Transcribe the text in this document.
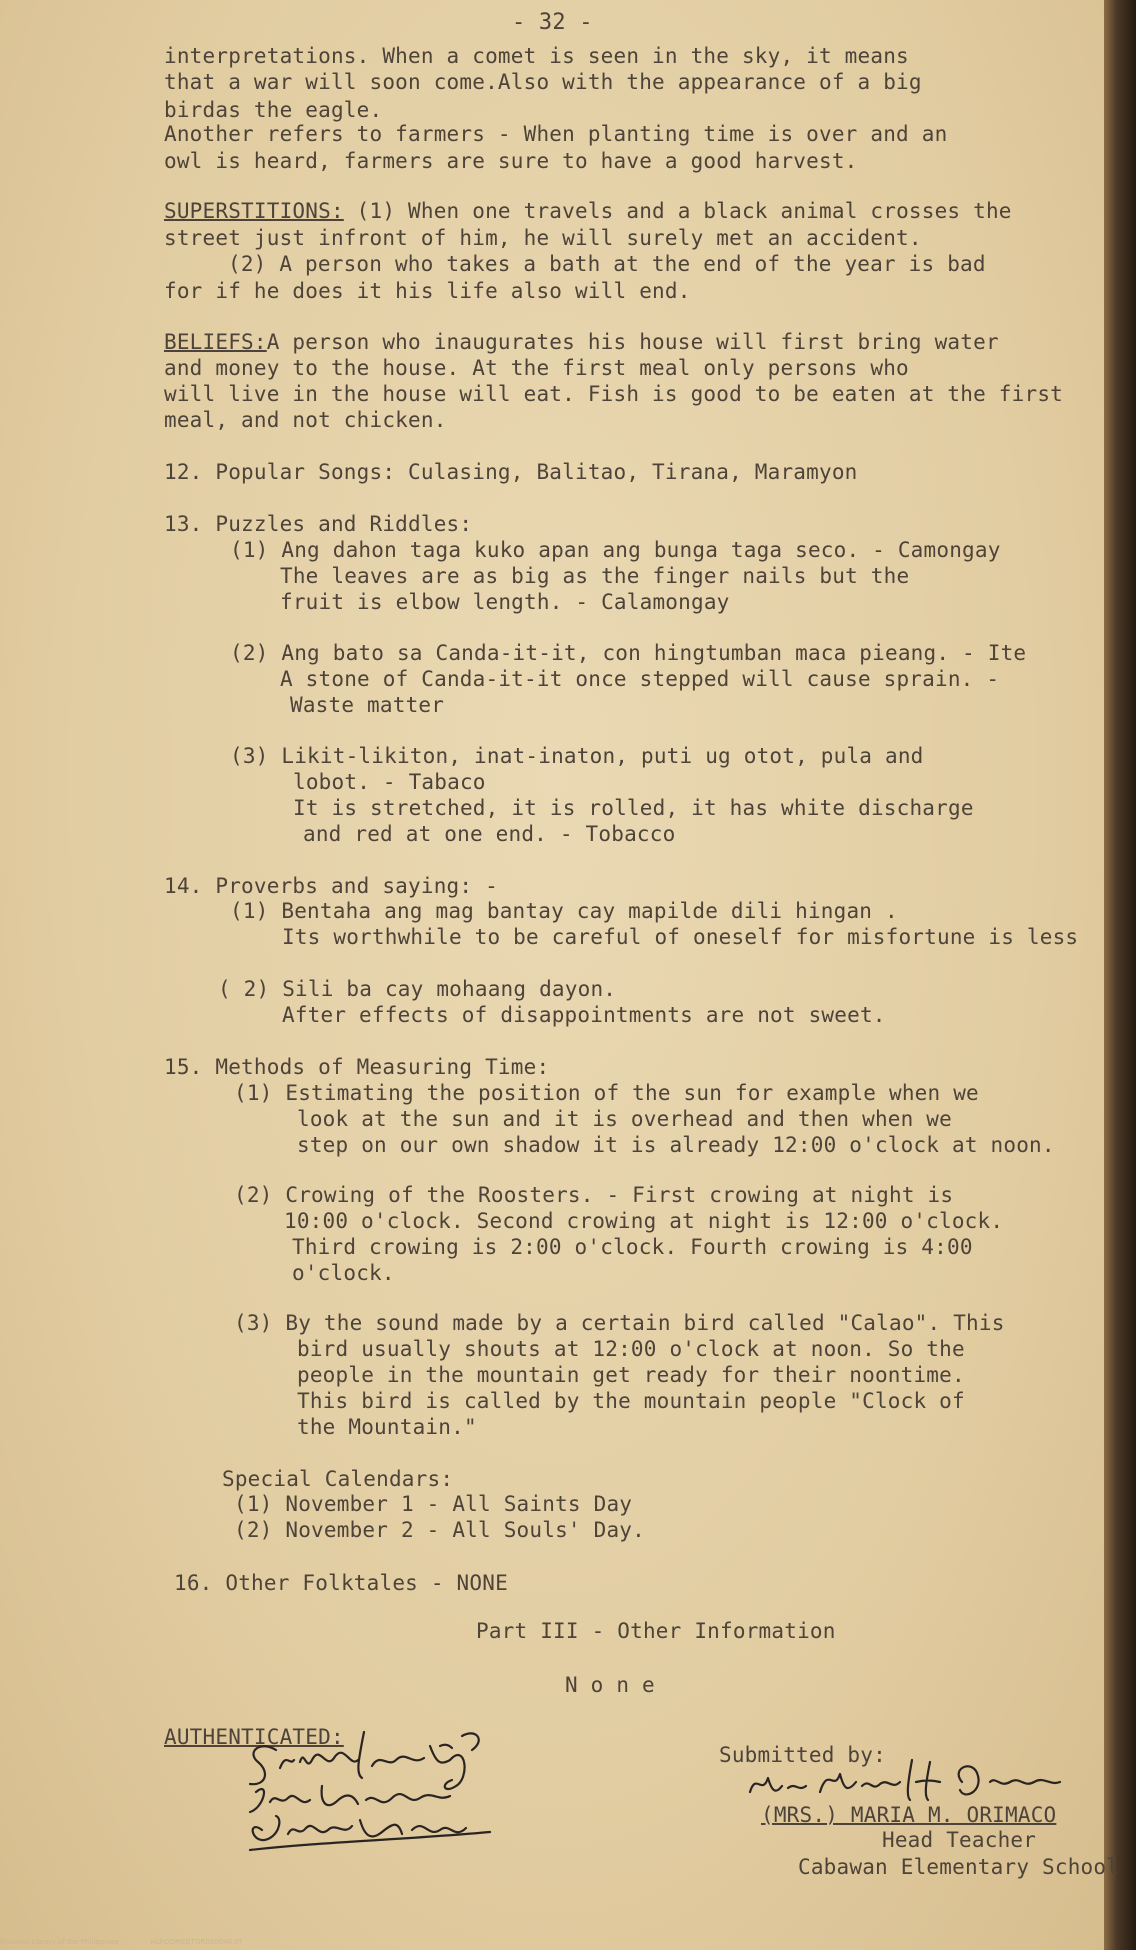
- 32 -
interpretations. When a comet is seen in the sky, it means
that a war will soon come.Also with the appearance of a big
birdas the eagle.
Another refers to farmers - When planting time is over and an
owl is heard, farmers are sure to have a good harvest.
SUPERSTITIONS: (1) When one travels and a black animal crosses the
street just infront of him, he will surely met an accident.
(2) A person who takes a bath at the end of the year is bad
for if he does it his life also will end.
BELIEFS:A person who inaugurates his house will first bring water
and money to the house. At the first meal only persons who
will live in the house will eat. Fish is good to be eaten at the first
meal, and not chicken.
12. Popular Songs: Culasing, Balitao, Tirana, Maramyon
13. Puzzles and Riddles:
(1) Ang dahon taga kuko apan ang bunga taga seco. - Camongay
The leaves are as big as the finger nails but the
fruit is elbow length. - Calamongay
(2) Ang bato sa Canda-it-it, con hingtumban maca pieang. - Ite
A stone of Canda-it-it once stepped will cause sprain. -
Waste matter
(3) Likit-likiton, inat-inaton, puti ug otot, pula and
lobot. - Tabaco
It is stretched, it is rolled, it has white discharge
and red at one end. - Tobacco
14. Proverbs and saying: -
(1) Bentaha ang mag bantay cay mapilde dili hingan .
Its worthwhile to be careful of oneself for misfortune is less
( 2) Sili ba cay mohaang dayon.
After effects of disappointments are not sweet.
15. Methods of Measuring Time:
(1) Estimating the position of the sun for example when we
look at the sun and it is overhead and then when we
step on our own shadow it is already 12:00 o'clock at noon.
(2) Crowing of the Roosters. - First crowing at night is
10:00 o'clock. Second crowing at night is 12:00 o'clock.
Third crowing is 2:00 o'clock. Fourth crowing is 4:00
o'clock.
(3) By the sound made by a certain bird called "Calao". This
bird usually shouts at 12:00 o'clock at noon. So the
people in the mountain get ready for their noontime.
This bird is called by the mountain people "Clock of
the Mountain."
Special Calendars:
(1) November 1 - All Saints Day
(2) November 2 - All Souls' Day.
16. Other Folktales - NONE
Part III - Other Information
N o n e
AUTHENTICATED:
Submitted by:
(MRS.) MARIA M. ORIMACO
Head Teacher
Cabawan Elementary School
National Library of the Philippines	HLFOOMEDTGR050040.tif
